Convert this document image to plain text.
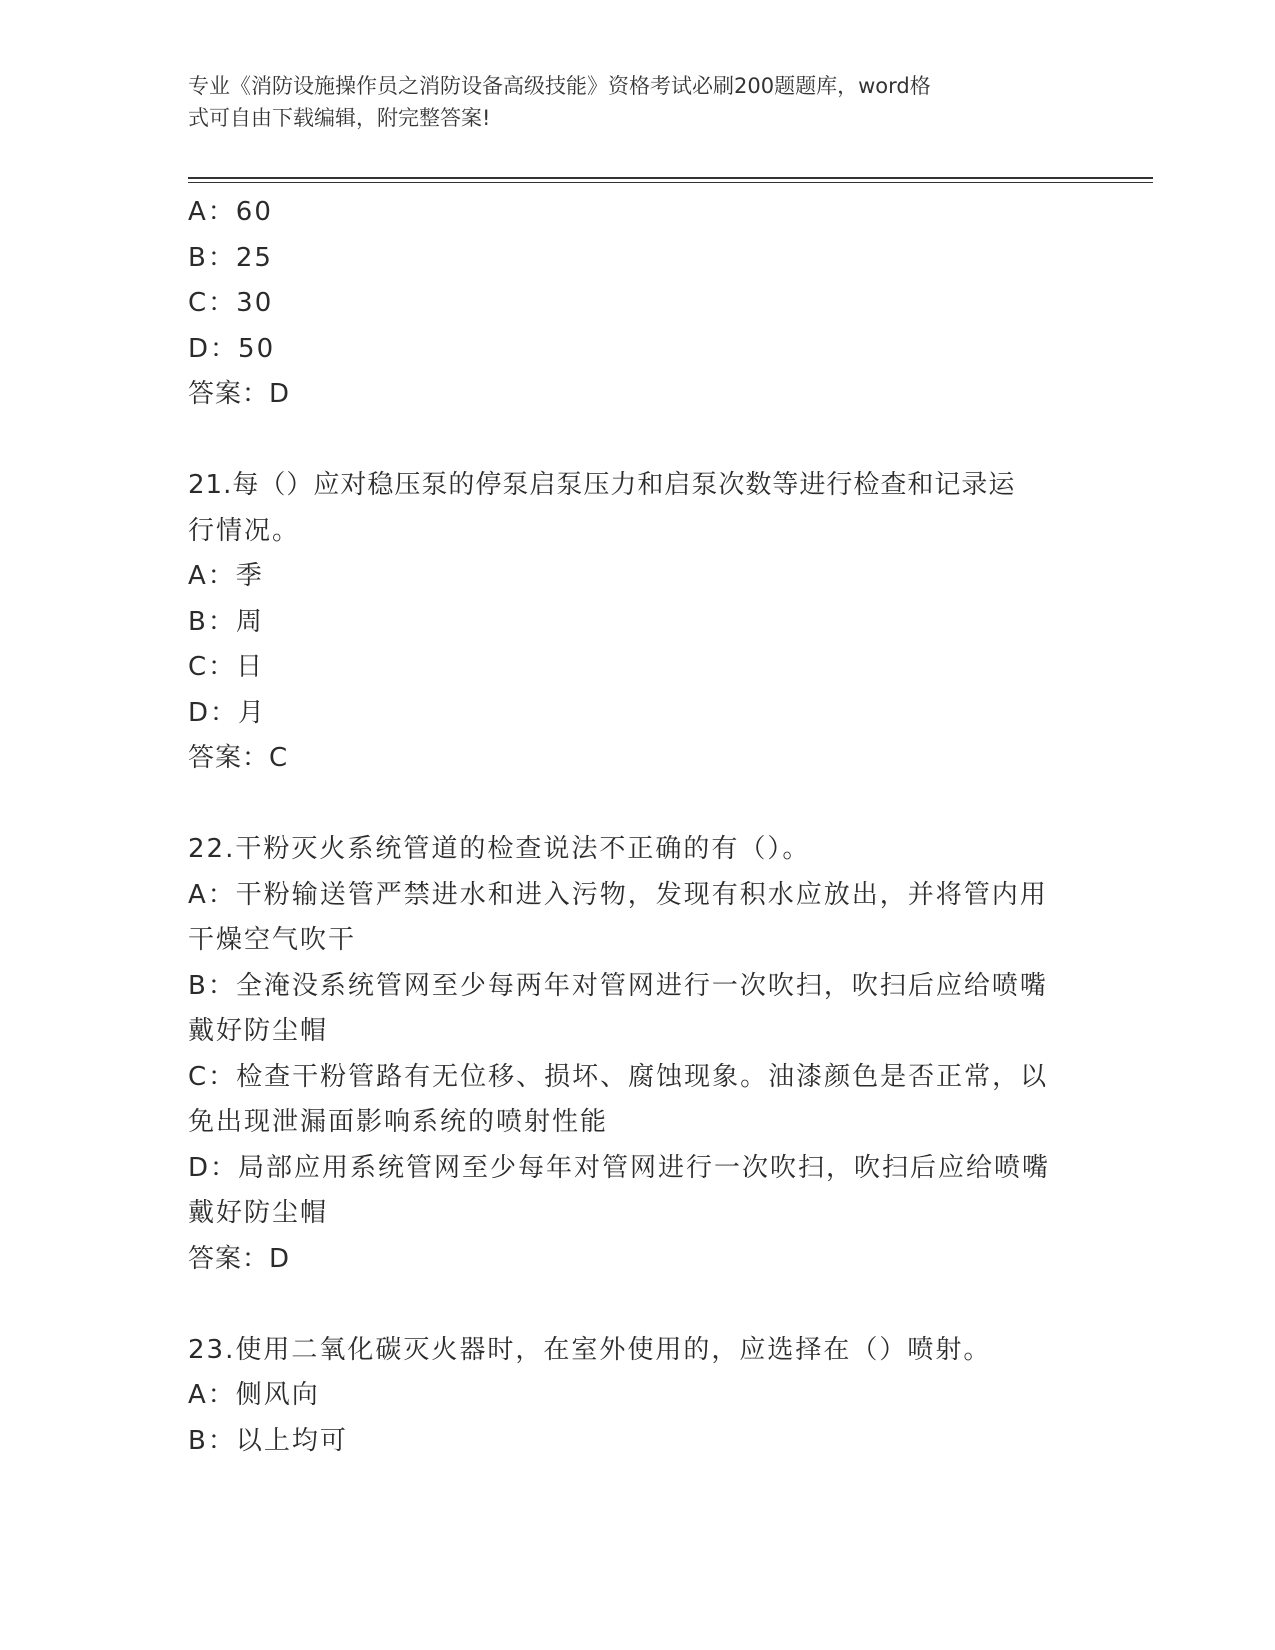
专业《消防设施操作员之消防设备高级技能》资格考试必刷200题题库，word格
式可自由下载编辑，附完整答案!
A：60
B：25
C：30
D：50
答案：D
21.每（）应对稳压泵的停泵启泵压力和启泵次数等进行检查和记录运
行情况。
A：季
B：周
C：日
D：月
答案：C
22.干粉灭火系统管道的检查说法不正确的有（）。
A：干粉输送管严禁进水和进入污物，发现有积水应放出，并将管内用
干燥空气吹干
B：全淹没系统管网至少每两年对管网进行一次吹扫，吹扫后应给喷嘴
戴好防尘帽
C：检查干粉管路有无位移、损坏、腐蚀现象。油漆颜色是否正常，以
免出现泄漏面影响系统的喷射性能
D：局部应用系统管网至少每年对管网进行一次吹扫，吹扫后应给喷嘴
戴好防尘帽
答案：D
23.使用二氧化碳灭火器时，在室外使用的，应选择在（）喷射。
A：侧风向
B：以上均可
